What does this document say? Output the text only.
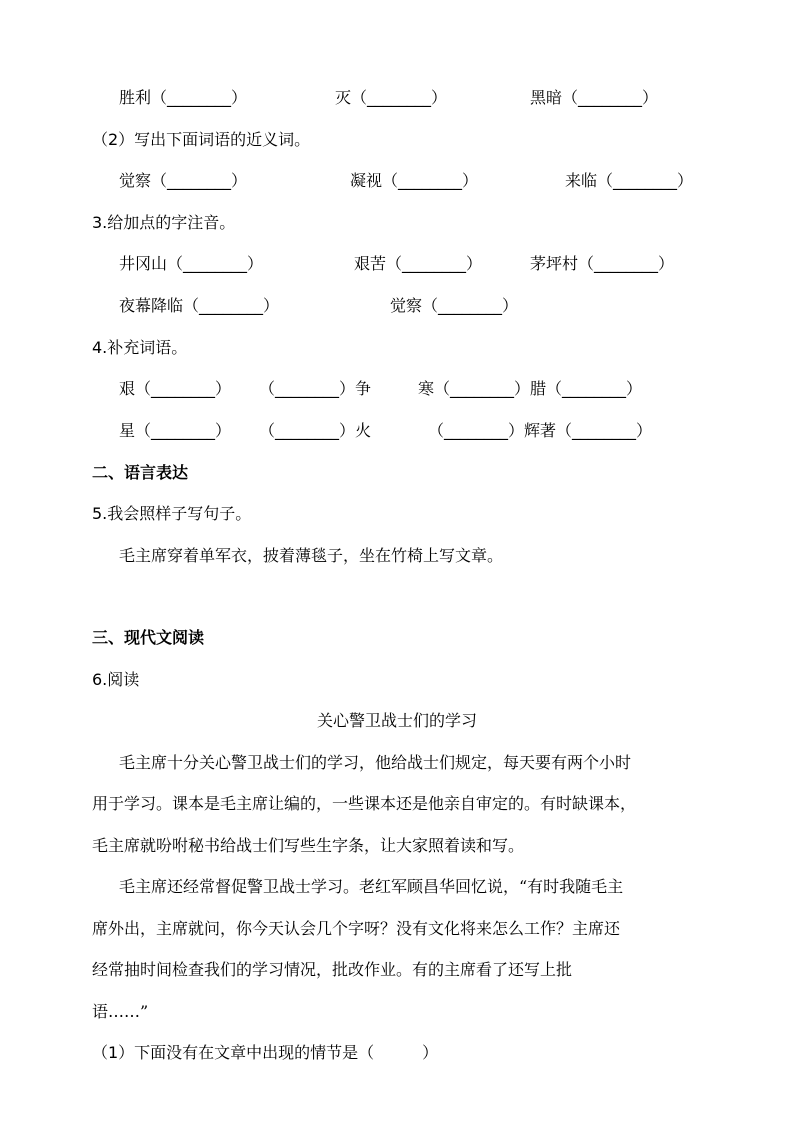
胜利（________）	灭（________）	黑暗（________）
（2）写出下面词语的近义词。
觉察（________）	凝视（________）	来临（________）
3.给加点的字注音。
井冈山（________）	艰苦（________）	茅坪村（________）
夜幕降临（________）	觉察（________）
4.补充词语。
艰（________） （________）争	寒（________）腊（________）
星（________） （________）火	（________）辉著（________）
二、语言表达
5.我会照样子写句子。
毛主席穿着单军衣，披着薄毯子，坐在竹椅上写文章。
三、现代文阅读
6.阅读
关心警卫战士们的学习
毛主席十分关心警卫战士们的学习，他给战士们规定，每天要有两个小时
用于学习。课本是毛主席让编的，一些课本还是他亲自审定的。有时缺课本，
毛主席就吩咐秘书给战士们写些生字条，让大家照着读和写。
毛主席还经常督促警卫战士学习。老红军顾昌华回忆说，“有时我随毛主
席外出，主席就问，你今天认会几个字呀？没有文化将来怎么工作？主席还
经常抽时间检查我们的学习情况，批改作业。有的主席看了还写上批
语……”
（1）下面没有在文章中出现的情节是（　　　）
